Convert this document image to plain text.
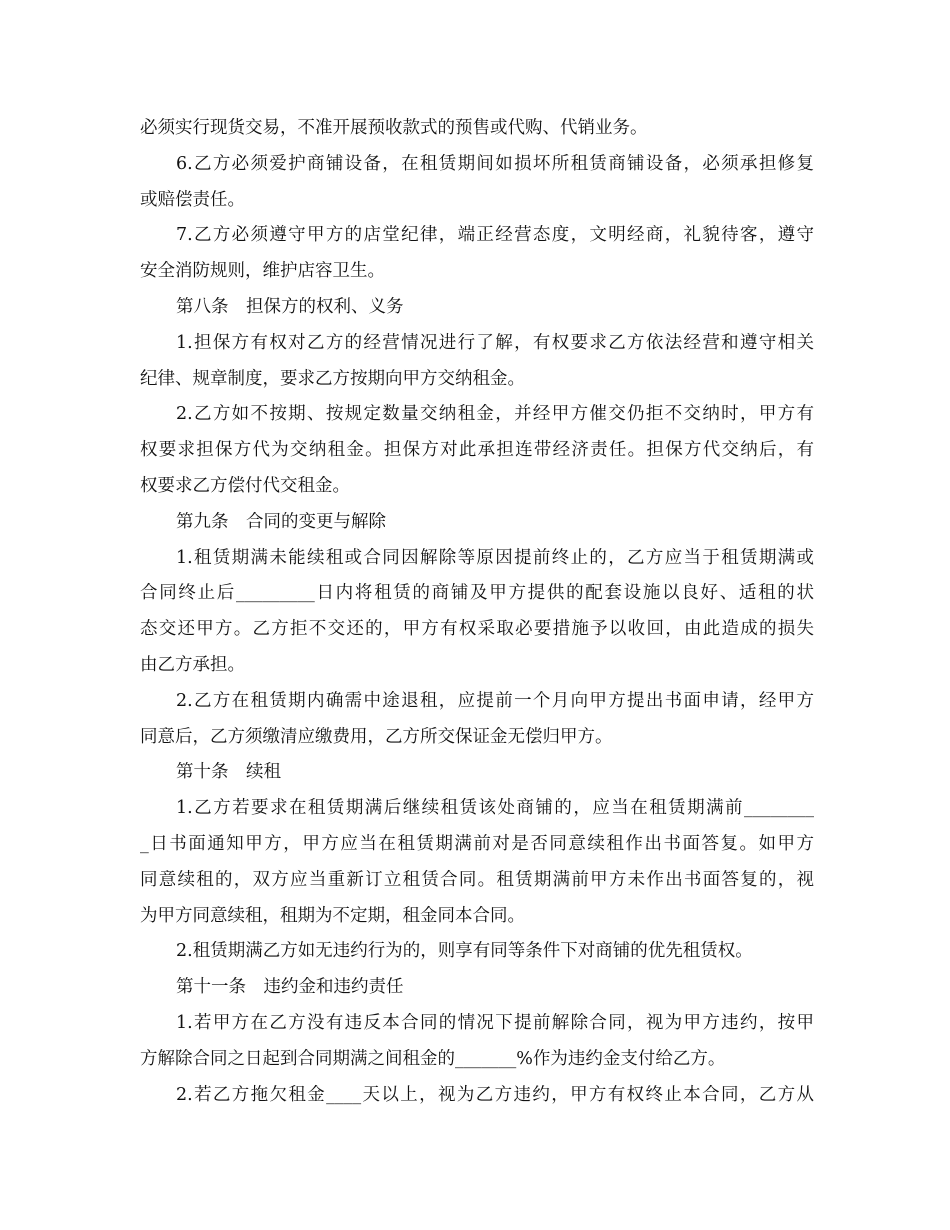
必须实行现货交易，不准开展预收款式的预售或代购、代销业务。
6.乙方必须爱护商铺设备，在租赁期间如损坏所租赁商铺设备，必须承担修复
或赔偿责任。
7.乙方必须遵守甲方的店堂纪律，端正经营态度，文明经商，礼貌待客，遵守
安全消防规则，维护店容卫生。
第八条　担保方的权利、义务
1.担保方有权对乙方的经营情况进行了解，有权要求乙方依法经营和遵守相关
纪律、规章制度，要求乙方按期向甲方交纳租金。
2.乙方如不按期、按规定数量交纳租金，并经甲方催交仍拒不交纳时，甲方有
权要求担保方代为交纳租金。担保方对此承担连带经济责任。担保方代交纳后，有
权要求乙方偿付代交租金。
第九条　合同的变更与解除
1.租赁期满未能续租或合同因解除等原因提前终止的，乙方应当于租赁期满或
合同终止后_________日内将租赁的商铺及甲方提供的配套设施以良好、适租的状
态交还甲方。乙方拒不交还的，甲方有权采取必要措施予以收回，由此造成的损失
由乙方承担。
2.乙方在租赁期内确需中途退租，应提前一个月向甲方提出书面申请，经甲方
同意后，乙方须缴清应缴费用，乙方所交保证金无偿归甲方。
第十条　续租
1.乙方若要求在租赁期满后继续租赁该处商铺的，应当在租赁期满前________
_日书面通知甲方，甲方应当在租赁期满前对是否同意续租作出书面答复。如甲方
同意续租的，双方应当重新订立租赁合同。租赁期满前甲方未作出书面答复的，视
为甲方同意续租，租期为不定期，租金同本合同。
2.租赁期满乙方如无违约行为的，则享有同等条件下对商铺的优先租赁权。
第十一条　违约金和违约责任
1.若甲方在乙方没有违反本合同的情况下提前解除合同，视为甲方违约，按甲
方解除合同之日起到合同期满之间租金的_______%作为违约金支付给乙方。
2.若乙方拖欠租金____天以上，视为乙方违约，甲方有权终止本合同，乙方从
